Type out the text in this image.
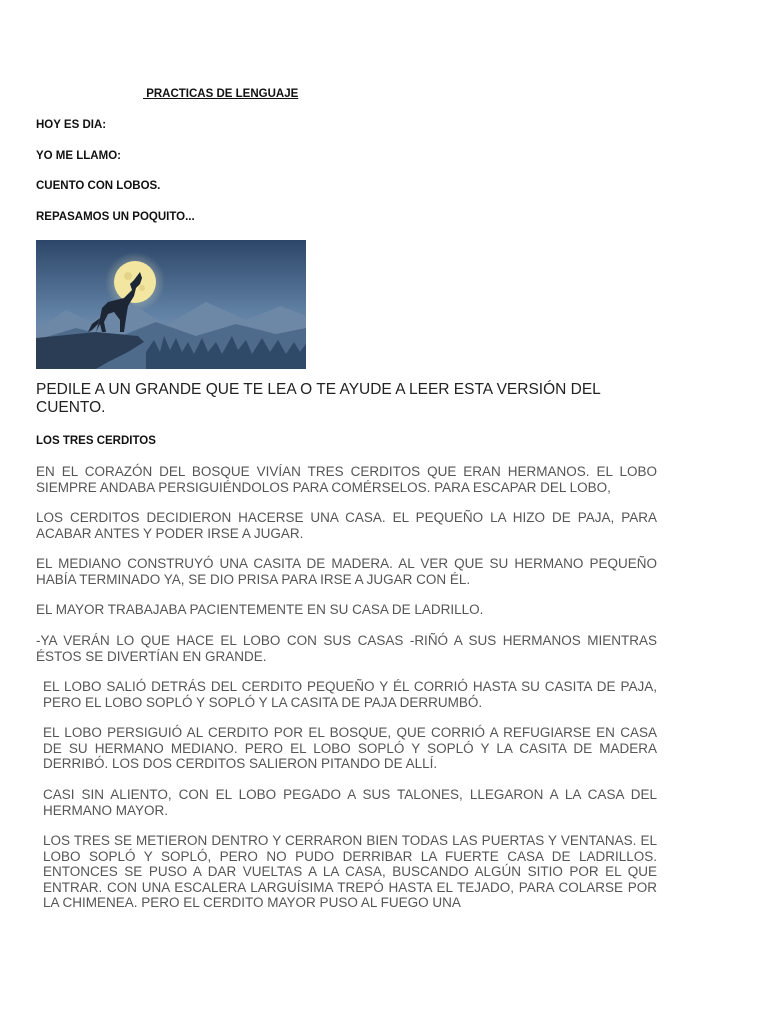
PRACTICAS DE LENGUAJE
HOY ES DIA:
YO ME LLAMO:
CUENTO CON LOBOS.
REPASAMOS UN POQUITO...
PEDILE A UN GRANDE QUE TE LEA O TE AYUDE A LEER ESTA VERSIÓN DEL CUENTO.
LOS TRES CERDITOS

EN EL CORAZÓN DEL BOSQUE VIVÍAN TRES CERDITOS QUE ERAN HERMANOS. EL LOBO SIEMPRE ANDABA PERSIGUIÉNDOLOS PARA COMÉRSELOS. PARA ESCAPAR DEL LOBO,

LOS CERDITOS DECIDIERON HACERSE UNA CASA. EL PEQUEÑO LA HIZO DE PAJA, PARA ACABAR ANTES Y PODER IRSE A JUGAR.

EL MEDIANO CONSTRUYÓ UNA CASITA DE MADERA. AL VER QUE SU HERMANO PEQUEÑO HABÍA TERMINADO YA, SE DIO PRISA PARA IRSE A JUGAR CON ÉL.

EL MAYOR TRABAJABA PACIENTEMENTE EN SU CASA DE LADRILLO.

-YA VERÁN LO QUE HACE EL LOBO CON SUS CASAS -RIÑÓ A SUS HERMANOS MIENTRAS ÉSTOS SE DIVERTÍAN EN GRANDE.

EL LOBO SALIÓ DETRÁS DEL CERDITO PEQUEÑO Y ÉL CORRIÓ HASTA SU CASITA DE PAJA, PERO EL LOBO SOPLÓ Y SOPLÓ Y LA CASITA DE PAJA DERRUMBÓ.

EL LOBO PERSIGUIÓ AL CERDITO POR EL BOSQUE, QUE CORRIÓ A REFUGIARSE EN CASA DE SU HERMANO MEDIANO. PERO EL LOBO SOPLÓ Y SOPLÓ Y LA CASITA DE MADERA DERRIBÓ. LOS DOS CERDITOS SALIERON PITANDO DE ALLÍ.

CASI SIN ALIENTO, CON EL LOBO PEGADO A SUS TALONES, LLEGARON A LA CASA DEL HERMANO MAYOR.

LOS TRES SE METIERON DENTRO Y CERRARON BIEN TODAS LAS PUERTAS Y VENTANAS. EL LOBO SOPLÓ Y SOPLÓ, PERO NO PUDO DERRIBAR LA FUERTE CASA DE LADRILLOS. ENTONCES SE PUSO A DAR VUELTAS A LA CASA, BUSCANDO ALGÚN SITIO POR EL QUE ENTRAR. CON UNA ESCALERA LARGUÍSIMA TREPÓ HASTA EL TEJADO, PARA COLARSE POR LA CHIMENEA. PERO EL CERDITO MAYOR PUSO AL FUEGO UNA
